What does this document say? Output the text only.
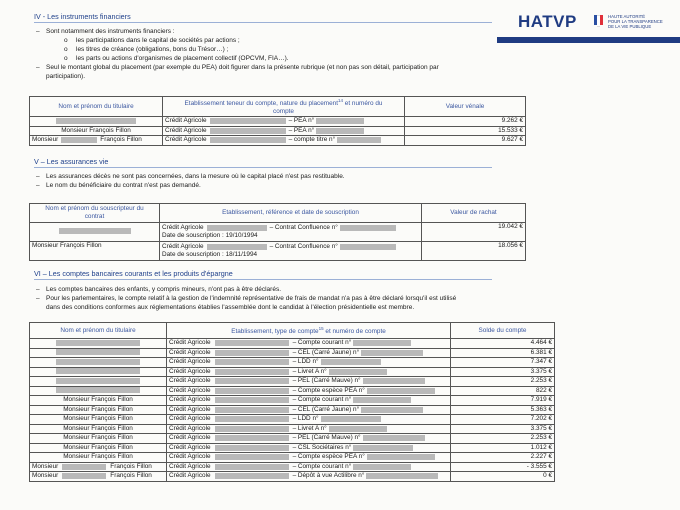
HATVP	HAUTE AUTORITÉ
POUR LA TRANSPARENCE
DE LA VIE PUBLIQUE
IV - Les instruments financiers
– Sont notamment des instruments financiers :
o	les participations dans le capital de sociétés par actions ;
o	les titres de créance (obligations, bons du Trésor…) ;
o	les parts ou actions d'organismes de placement collectif (OPCVM, FIA…).
– Seul le montant global du placement (par exemple du PEA) doit figurer dans la présente rubrique (et non pas son détail, participation par
participation).
Nom et prénom du titulaire	Etablissement teneur du compte, nature du placement$^{14}$ et numéro du
compte	Valeur vénale

	Crédit Agricole – PEA n°	9.262 €
Monsieur François Fillon	Crédit Agricole – PEA n°	15.533 €

Monsieur François Fillon	Crédit Agricole – compte titre n°	9.627 €
V – Les assurances vie
– Les assurances décès ne sont pas concernées, dans la mesure où le capital placé n'est pas restituable.
– Le nom du bénéficiaire du contrat n'est pas demandé.
Nom et prénom du souscripteur du
contrat	Etablissement, référence et date de souscription	Valeur de rachat

	Crédit Agricole – Contrat Confluence n°
Date de souscription : 19/10/1994	19.042 €
Monsieur François Fillon	Crédit Agricole – Contrat Confluence n°
Date de souscription : 18/11/1994	18.056 €
VI – Les comptes bancaires courants et les produits d'épargne
– Les comptes bancaires des enfants, y compris mineurs, n'ont pas à être déclarés.
– Pour les parlementaires, le compte relatif à la gestion de l'indemnité représentative de frais de mandat n'a pas à être déclaré lorsqu'il est utilisé
dans des conditions conformes aux réglementations établies l'assemblée dont le candidat à l'élection présidentielle est membre.
Nom et prénom du titulaire	Etablissement, type de compte$^{15}$ et numéro de compte	Solde du compte

	Crédit Agricole – Compte courant n°	4.464 €

	Crédit Agricole – CEL (Carré Jaune) n°	6.381 €

	Crédit Agricole – LDD n°	7.347 €

	Crédit Agricole – Livret A n°	3.375 €

	Crédit Agricole – PEL (Carré Mauve) n°	2.253 €

	Crédit Agricole – Compte espèce PEA n°	822 €
Monsieur François Fillon	Crédit Agricole – Compte courant n°	7.919 €
Monsieur François Fillon	Crédit Agricole – CEL (Carré Jaune) n°	5.363 €
Monsieur François Fillon	Crédit Agricole – LDD n°	7.202 €
Monsieur François Fillon	Crédit Agricole – Livret A n°	3.375 €
Monsieur François Fillon	Crédit Agricole – PEL (Carré Mauve) n°	2.253 €
Monsieur François Fillon	Crédit Agricole – CSL Sociétaires n°	1.012 €
Monsieur François Fillon	Crédit Agricole – Compte espèce PEA n°	2.227 €

Monsieur François Fillon	Crédit Agricole – Compte courant n°	- 3.555 €

Monsieur François Fillon	Crédit Agricole – Dépôt à vue Actilibre n°	0 €
